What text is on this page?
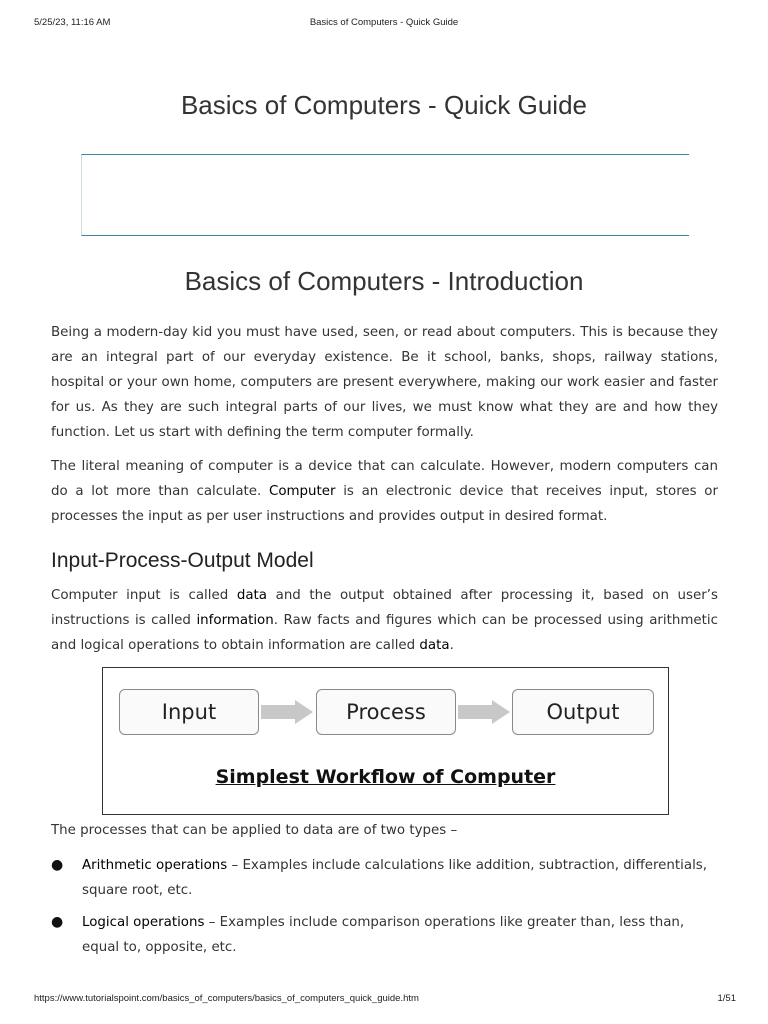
5/25/23, 11:16 AM	Basics of Computers - Quick Guide
Basics of Computers - Quick Guide
Basics of Computers - Introduction

Being a modern-day kid you must have used, seen, or read about computers. This is because they are an integral part of our everyday existence. Be it school, banks, shops, railway stations, hospital or your own home, computers are present everywhere, making our work easier and faster for us. As they are such integral parts of our lives, we must know what they are and how they function. Let us start with defining the term computer formally.

The literal meaning of computer is a device that can calculate. However, modern computers can do a lot more than calculate. Computer is an electronic device that receives input, stores or processes the input as per user instructions and provides output in desired format.

Input-Process-Output Model

Computer input is called data and the output obtained after processing it, based on user’s instructions is called information. Raw facts and figures which can be processed using arithmetic and logical operations to obtain information are called data.

Input	Process	Output
Simplest Workflow of Computer

The processes that can be applied to data are of two types –

● Arithmetic operations – Examples include calculations like addition, subtraction, differentials, square root, etc.
● Logical operations – Examples include comparison operations like greater than, less than, equal to, opposite, etc.
https://www.tutorialspoint.com/basics_of_computers/basics_of_computers_quick_guide.htm	1/51
